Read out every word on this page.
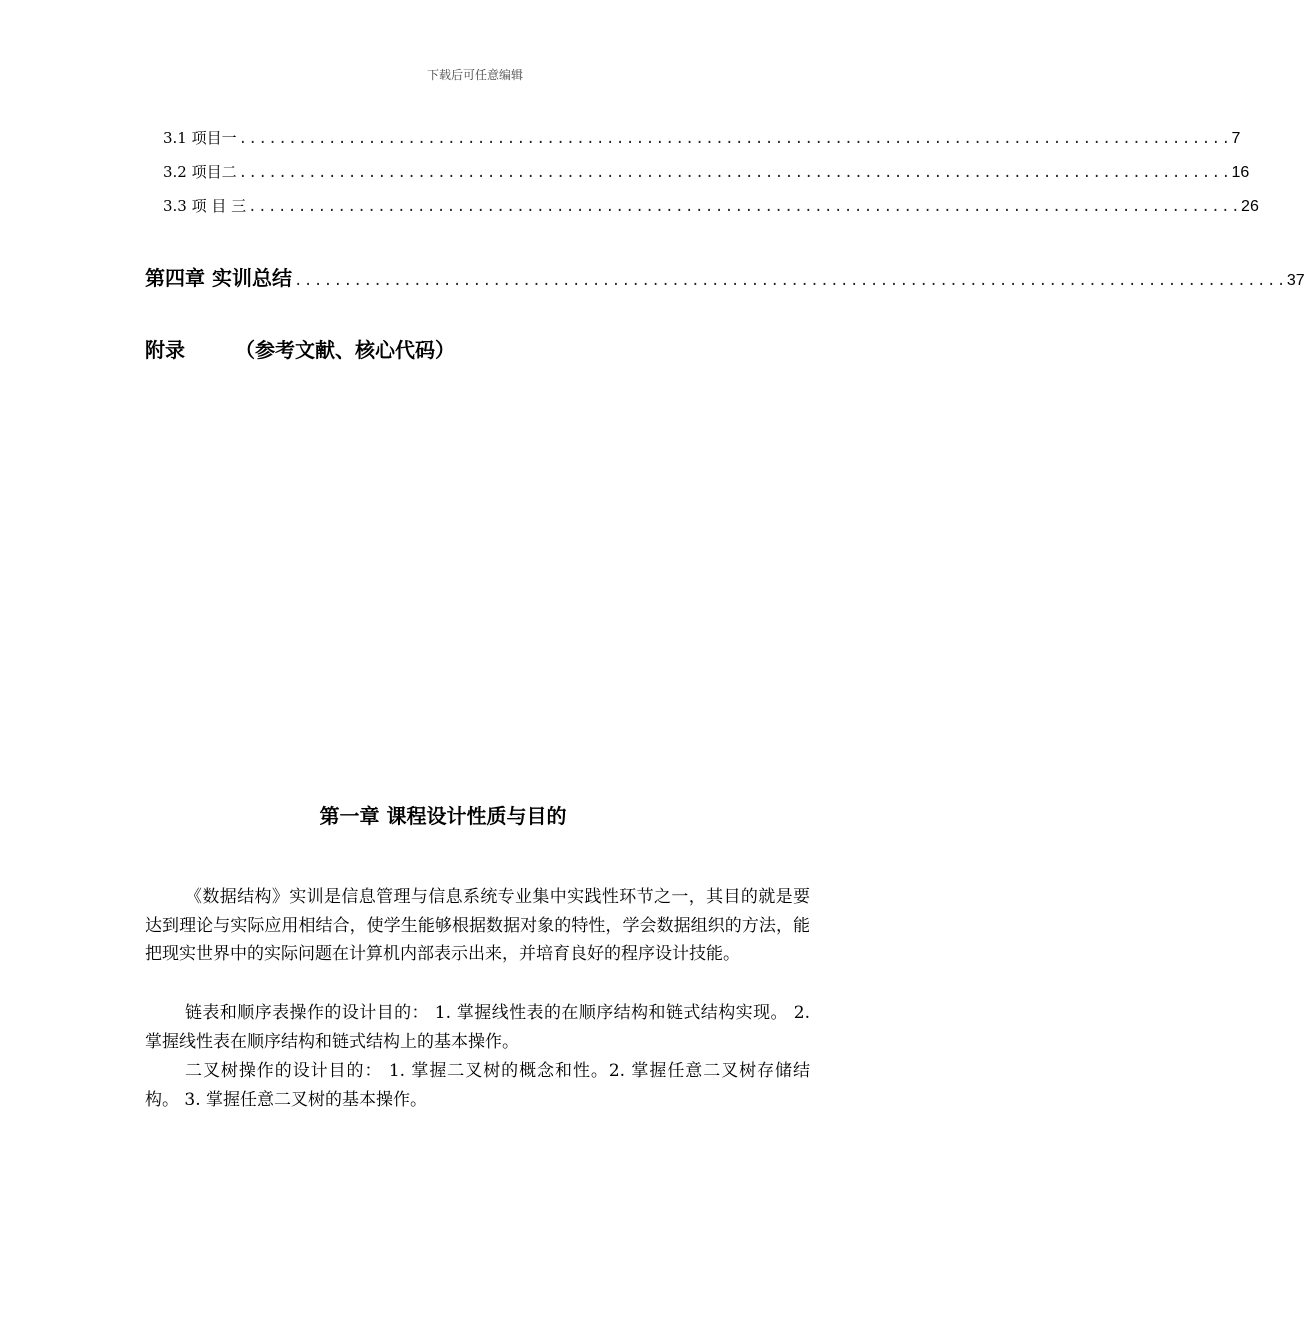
下载后可任意编辑
3.1 项目一 .................................................................................................... 7
3.2 项目二 .................................................................................................... 16
3.3 项 目 三 .................................................................................................... 26
第四章 实训总结 .................................................................................................... 37
附录	（参考文献、核心代码）
第一章 课程设计性质与目的

《数据结构》实训是信息管理与信息系统专业集中实践性环节之一，其目的就是要达到理论与实际应用相结合，使学生能够根据数据对象的特性，学会数据组织的方法，能把现实世界中的实际问题在计算机内部表示出来，并培育良好的程序设计技能。

链表和顺序表操作的设计目的： 1. 掌握线性表的在顺序结构和链式结构实现。 2. 掌握线性表在顺序结构和链式结构上的基本操作。

二叉树操作的设计目的： 1. 掌握二叉树的概念和性。2. 掌握任意二叉树存储结构。 3. 掌握任意二叉树的基本操作。
